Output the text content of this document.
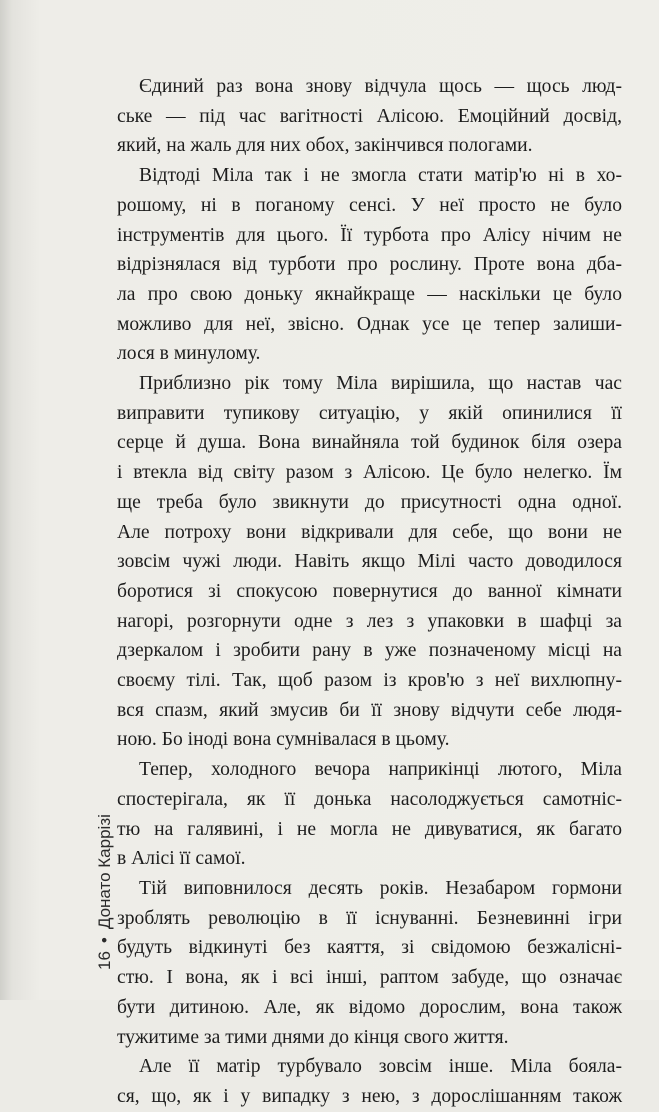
Єдиний раз вона знову відчула щось — щось люд-
ське — під час вагітності Алісою. Емоційний досвід,
який, на жаль для них обох, закінчився пологами.

Відтоді Міла так і не змогла стати матір'ю ні в хо-
рошому, ні в поганому сенсі. У неї просто не було
інструментів для цього. Її турбота про Алісу нічим не
відрізнялася від турботи про рослину. Проте вона дба-
ла про свою доньку якнайкраще — наскільки це було
можливо для неї, звісно. Однак усе це тепер залиши-
лося в минулому.

Приблизно рік тому Міла вирішила, що настав час
виправити тупикову ситуацію, у якій опинилися її
серце й душа. Вона винайняла той будинок біля озера
і втекла від світу разом з Алісою. Це було нелегко. Їм
ще треба було звикнути до присутності одна одної.
Але потроху вони відкривали для себе, що вони не
зовсім чужі люди. Навіть якщо Мілі часто доводилося
боротися зі спокусою повернутися до ванної кімнати
нагорі, розгорнути одне з лез з упаковки в шафці за
дзеркалом і зробити рану в уже позначеному місці на
своєму тілі. Так, щоб разом із кров'ю з неї вихлюпну-
вся спазм, який змусив би її знову відчути себе людя-
ною. Бо іноді вона сумнівалася в цьому.

Тепер, холодного вечора наприкінці лютого, Міла
спостерігала, як її донька насолоджується самотніс-
тю на галявині, і не могла не дивуватися, як багато
в Алісі її самої.

Тій виповнилося десять років. Незабаром гормони
зроблять революцію в її існуванні. Безневинні ігри
будуть відкинуті без каяття, зі свідомою безжалісні-
стю. І вона, як і всі інші, раптом забуде, що означає
бути дитиною. Але, як відомо дорослим, вона також
тужитиме за тими днями до кінця свого життя.

Але її матір турбувало зовсім інше. Міла бояла-
ся, що, як і у випадку з нею, з дорослішанням також

16•Донато Каррізі
